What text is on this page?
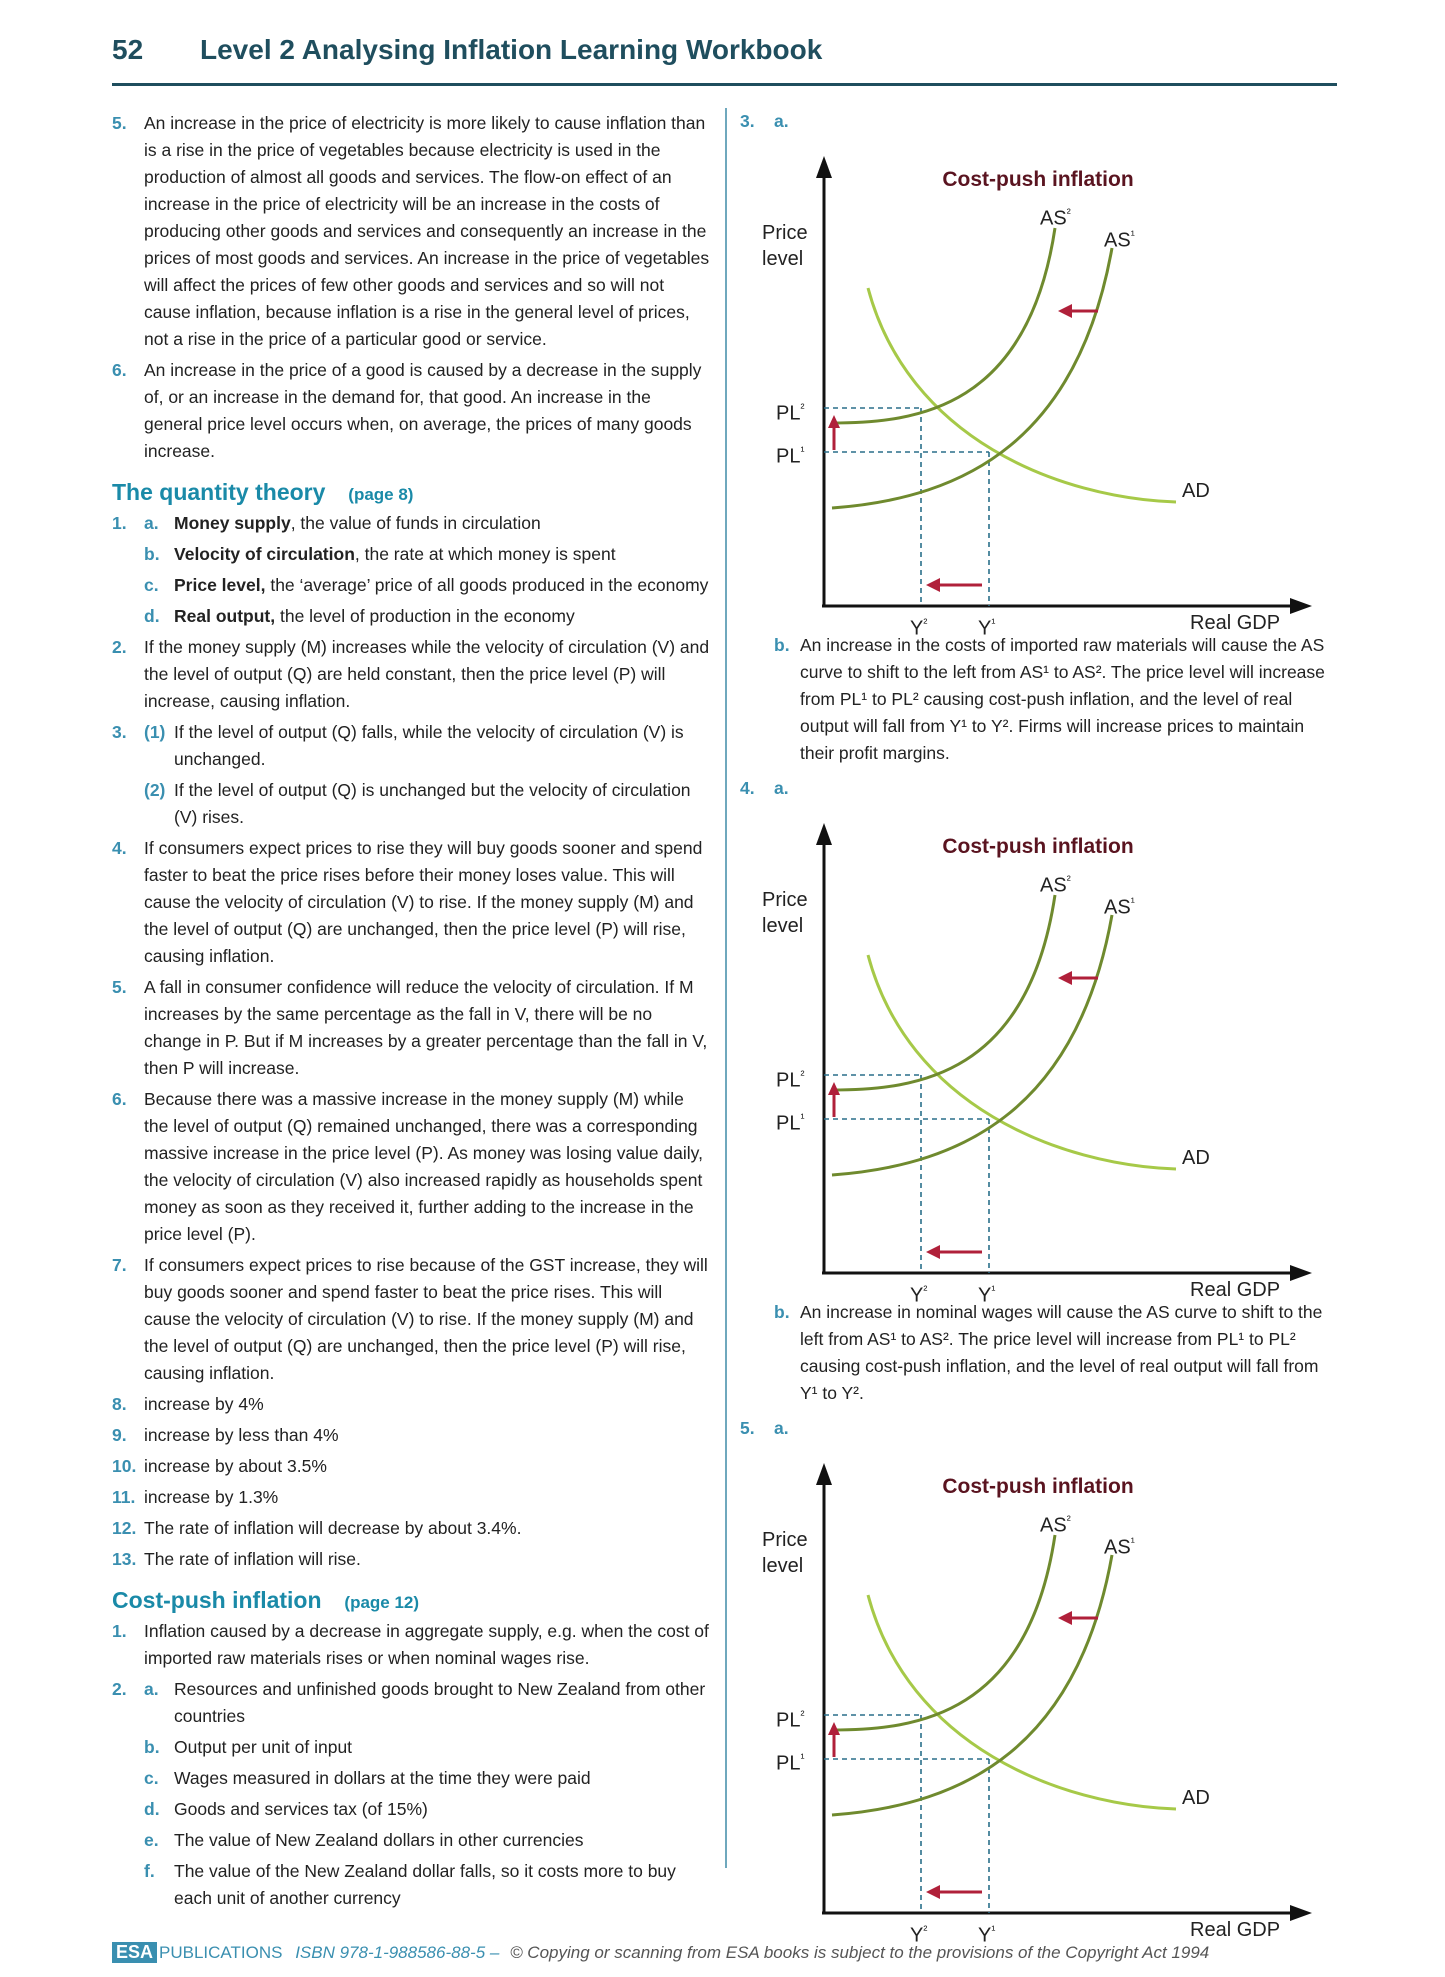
52 Level 2 Analysing Inflation Learning Workbook
5. An increase in the price of electricity is more likely to cause inflation than is a rise in the price of vegetables because electricity is used in the production of almost all goods and services. The flow-on effect of an increase in the price of electricity will be an increase in the costs of producing other goods and services and consequently an increase in the prices of most goods and services. An increase in the price of vegetables will affect the prices of few other goods and services and so will not cause inflation, because inflation is a rise in the general level of prices, not a rise in the price of a particular good or service.
6. An increase in the price of a good is caused by a decrease in the supply of, or an increase in the demand for, that good. An increase in the general price level occurs when, on average, the prices of many goods increase.
The quantity theory (page 8)
1. a. Money supply, the value of funds in circulation
b. Velocity of circulation, the rate at which money is spent
c. Price level, the ‘average’ price of all goods produced in the economy
d. Real output, the level of production in the economy
2. If the money supply (M) increases while the velocity of circulation (V) and the level of output (Q) are held constant, then the price level (P) will increase, causing inflation.
3. (1) If the level of output (Q) falls, while the velocity of circulation (V) is unchanged.
(2) If the level of output (Q) is unchanged but the velocity of circulation (V) rises.
4. If consumers expect prices to rise they will buy goods sooner and spend faster to beat the price rises before their money loses value. This will cause the velocity of circulation (V) to rise. If the money supply (M) and the level of output (Q) are unchanged, then the price level (P) will rise, causing inflation.
5. A fall in consumer confidence will reduce the velocity of circulation. If M increases by the same percentage as the fall in V, there will be no change in P. But if M increases by a greater percentage than the fall in V, then P will increase.
6. Because there was a massive increase in the money supply (M) while the level of output (Q) remained unchanged, there was a corresponding massive increase in the price level (P). As money was losing value daily, the velocity of circulation (V) also increased rapidly as households spent money as soon as they received it, further adding to the increase in the price level (P).
7. If consumers expect prices to rise because of the GST increase, they will buy goods sooner and spend faster to beat the price rises. This will cause the velocity of circulation (V) to rise. If the money supply (M) and the level of output (Q) are unchanged, then the price level (P) will rise, causing inflation.
8. increase by 4%
9. increase by less than 4%
10. increase by about 3.5%
11. increase by 1.3%
12. The rate of inflation will decrease by about 3.4%.
13. The rate of inflation will rise.
Cost-push inflation (page 12)
1. Inflation caused by a decrease in aggregate supply, e.g. when the cost of imported raw materials rises or when nominal wages rise.
2. a. Resources and unfinished goods brought to New Zealand from other countries
b. Output per unit of input
c. Wages measured in dollars at the time they were paid
d. Goods and services tax (of 15%)
e. The value of New Zealand dollars in other currencies
f. The value of the New Zealand dollar falls, so it costs more to buy each unit of another currency
3. a.
Cost-push inflation
Price
level
Real GDP
$AS^{^2}$
$AS^{^1}$
AD
$PL^{^2}$
$PL^{^1}$
$Y^{^2}$	$Y^{^1}$
b. An increase in the costs of imported raw materials will cause the AS curve to shift to the left from AS¹ to AS². The price level will increase from PL¹ to PL² causing cost-push inflation, and the level of real output will fall from Y¹ to Y². Firms will increase prices to maintain their profit margins.
4. a.
Cost-push inflation
Price
level
Real GDP
$AS^{^2}$
$AS^{^1}$
AD
$PL^{^2}$
$PL^{^1}$
$Y^{^2}$	$Y^{^1}$
b. An increase in nominal wages will cause the AS curve to shift to the left from AS¹ to AS². The price level will increase from PL¹ to PL² causing cost-push inflation, and the level of real output will fall from Y¹ to Y².
5. a.
Cost-push inflation
Price
level
Real GDP
$AS^{^2}$
$AS^{^1}$
AD
$PL^{^2}$
$PL^{^1}$
$Y^{^2}$	$Y^{^1}$
ESA PUBLICATIONS ISBN 978-1-988586-88-5 – © Copying or scanning from ESA books is subject to the provisions of the Copyright Act 1994
